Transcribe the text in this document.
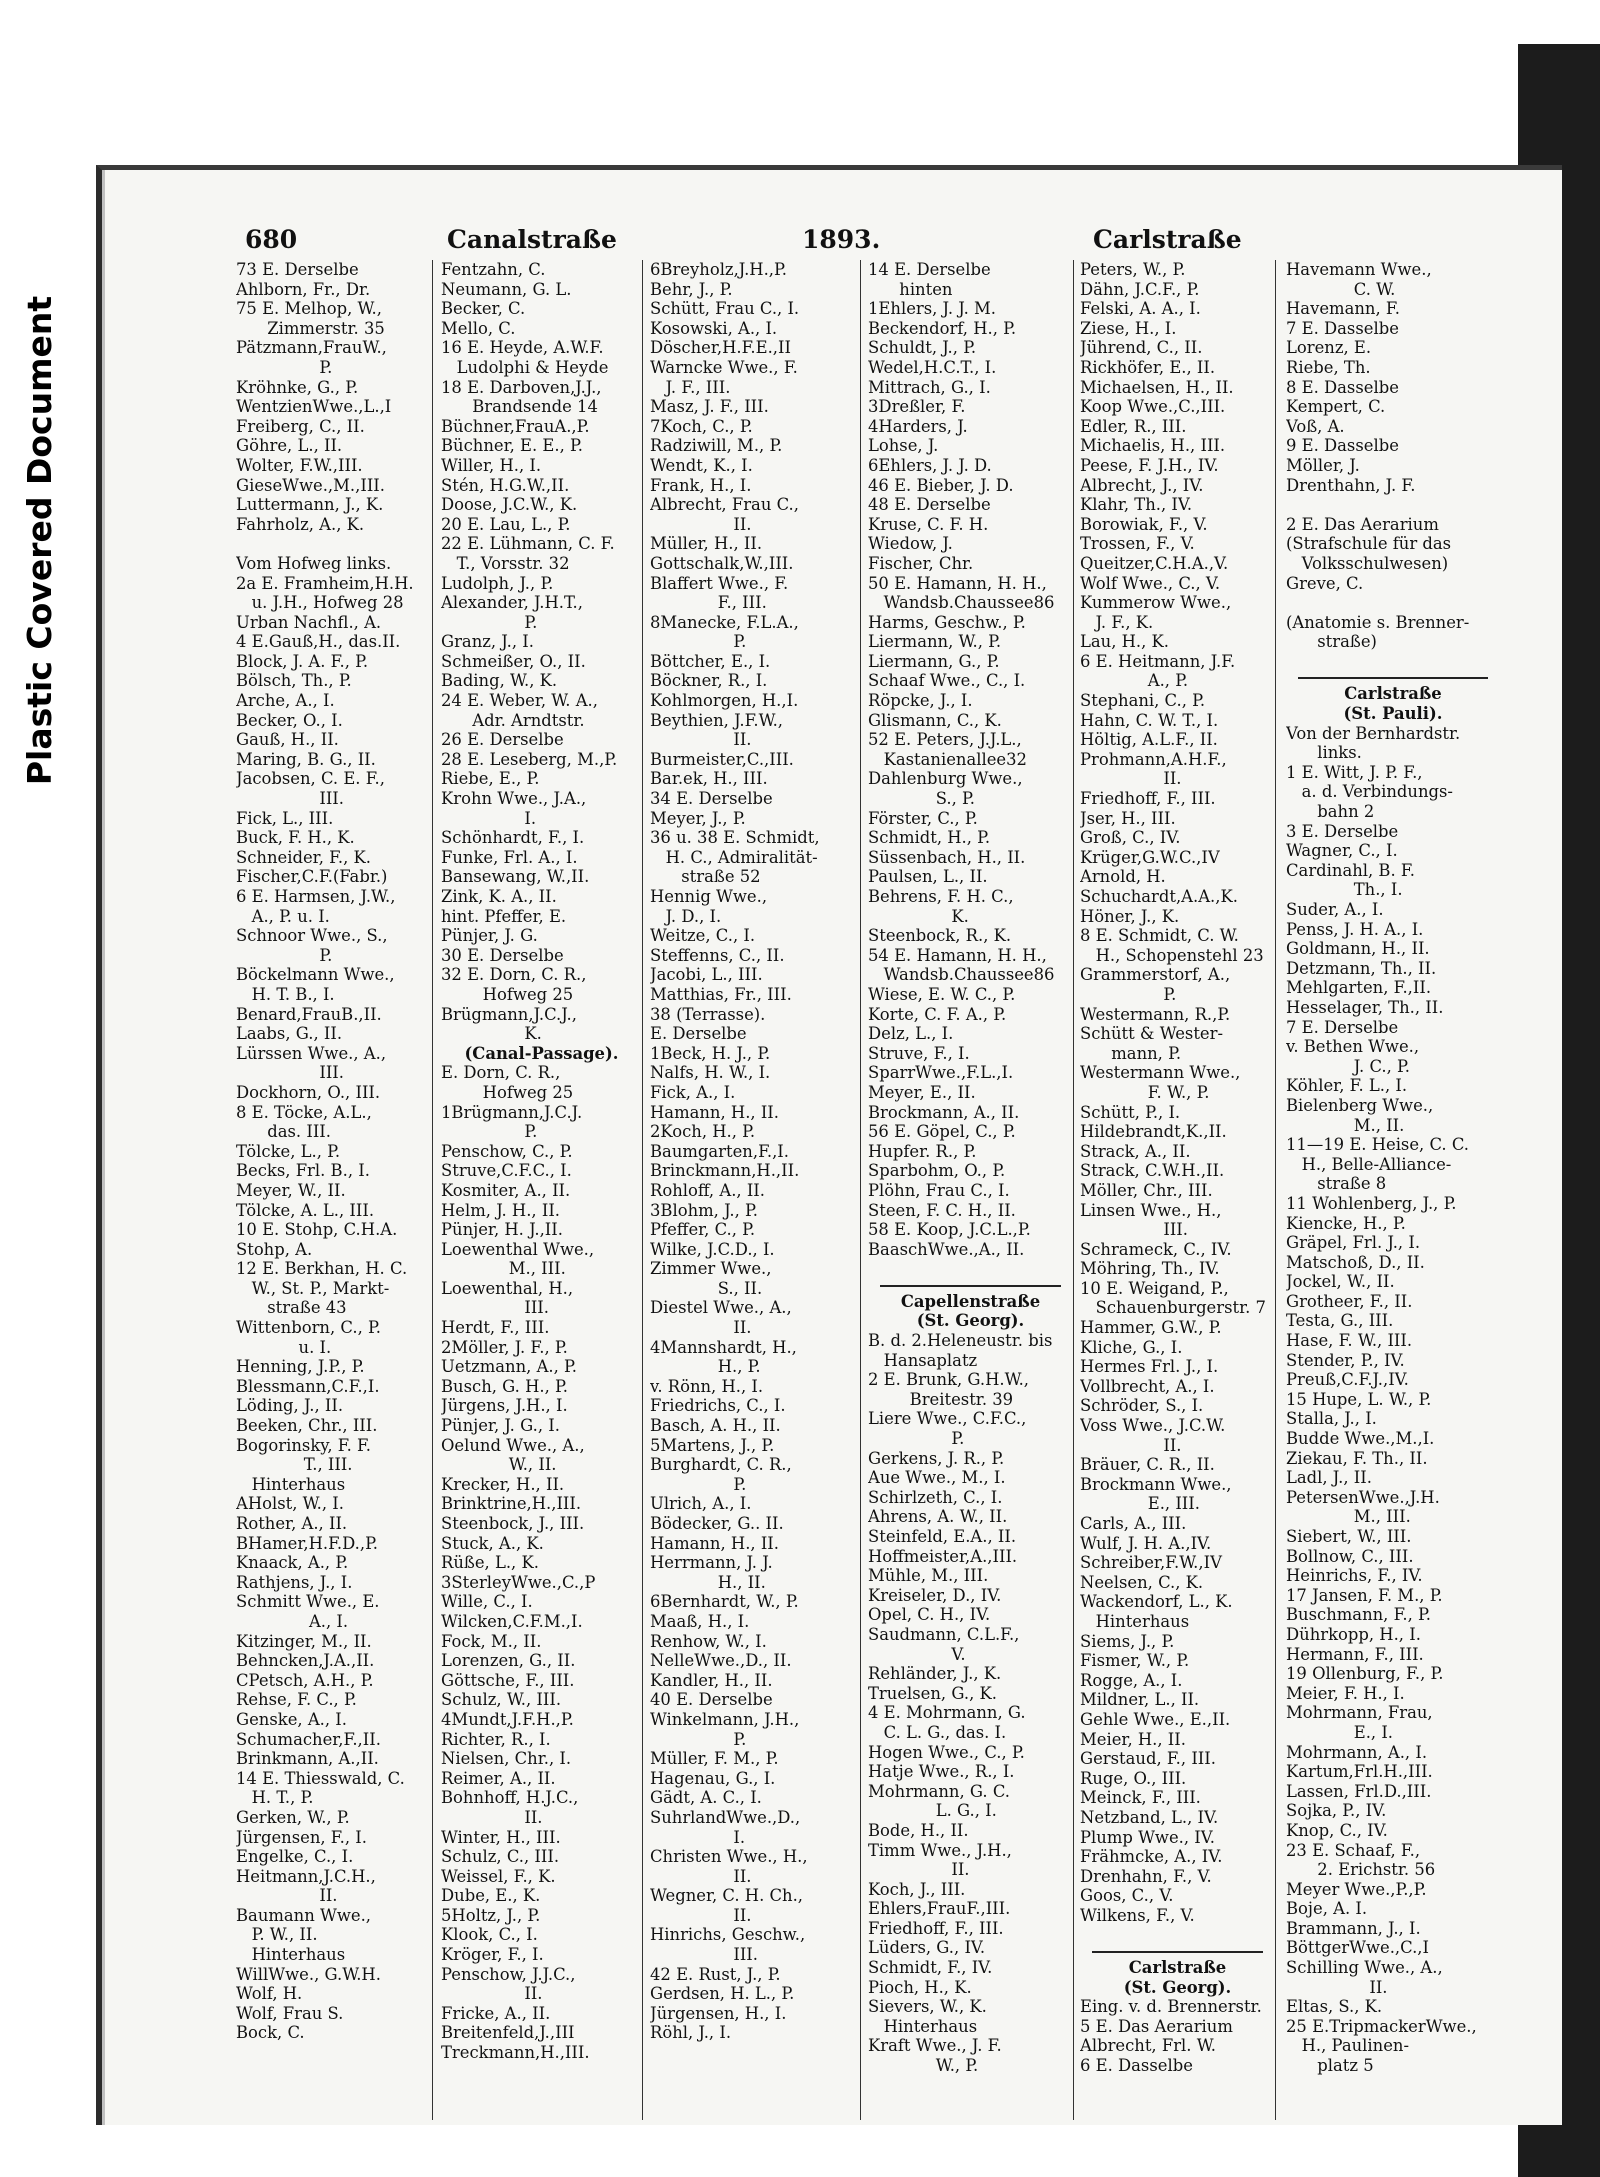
Plastic Covered Document
680	Canalstraße	1893.	Carlstraße
73 E. Derselbe
Ahlborn, Fr., Dr.
75 E. Melhop, W.,
Zimmerstr. 35
Pätzmann,FrauW.,
P.
Kröhnke, G., P.
WentzienWwe.,L.,I
Freiberg, C., II.
Göhre, L., II.
Wolter, F.W.,III.
GieseWwe.,M.,III.
Luttermann, J., K.
Fahrholz, A., K.
Vom Hofweg links.
2a E. Framheim,H.H.
u. J.H., Hofweg 28
Urban Nachfl., A.
4 E.Gauß,H., das.II.
Block, J. A. F., P.
Bölsch, Th., P.
Arche, A., I.
Becker, O., I.
Gauß, H., II.
Maring, B. G., II.
Jacobsen, C. E. F.,
III.
Fick, L., III.
Buck, F. H., K.
Schneider, F., K.
Fischer,C.F.(Fabr.)
6 E. Harmsen, J.W.,
A., P. u. I.
Schnoor Wwe., S.,
P.
Böckelmann Wwe.,
H. T. B., I.
Benard,FrauB.,II.
Laabs, G., II.
Lürssen Wwe., A.,
III.
Dockhorn, O., III.
8 E. Töcke, A.L.,
das. III.
Tölcke, L., P.
Becks, Frl. B., I.
Meyer, W., II.
Tölcke, A. L., III.
10 E. Stohp, C.H.A.
Stohp, A.
12 E. Berkhan, H. C.
W., St. P., Markt-
straße 43
Wittenborn, C., P.
u. I.
Henning, J.P., P.
Blessmann,C.F.,I.
Löding, J., II.
Beeken, Chr., III.
Bogorinsky, F. F.
T., III.
Hinterhaus
AHolst, W., I.
Rother, A., II.
BHamer,H.F.D.,P.
Knaack, A., P.
Rathjens, J., I.
Schmitt Wwe., E.
A., I.
Kitzinger, M., II.
Behncken,J.A.,II.
CPetsch, A.H., P.
Rehse, F. C., P.
Genske, A., I.
Schumacher,F.,II.
Brinkmann, A.,II.
14 E. Thiesswald, C.
H. T., P.
Gerken, W., P.
Jürgensen, F., I.
Engelke, C., I.
Heitmann,J.C.H.,
II.
Baumann Wwe.,
P. W., II.
Hinterhaus
WillWwe., G.W.H.
Wolf, H.
Wolf, Frau S.
Bock, C.
Fentzahn, C.
Neumann, G. L.
Becker, C.
Mello, C.
16 E. Heyde, A.W.F.
Ludolphi & Heyde
18 E. Darboven,J.J.,
Brandsende 14
Büchner,FrauA.,P.
Büchner, E. E., P.
Willer, H., I.
Stén, H.G.W.,II.
Doose, J.C.W., K.
20 E. Lau, L., P.
22 E. Lühmann, C. F.
T., Vorsstr. 32
Ludolph, J., P.
Alexander, J.H.T.,
P.
Granz, J., I.
Schmeißer, O., II.
Bading, W., K.
24 E. Weber, W. A.,
Adr. Arndtstr.
26 E. Derselbe
28 E. Leseberg, M.,P.
Riebe, E., P.
Krohn Wwe., J.A.,
I.
Schönhardt, F., I.
Funke, Frl. A., I.
Bansewang, W.,II.
Zink, K. A., II.
hint. Pfeffer, E.
Pünjer, J. G.
30 E. Derselbe
32 E. Dorn, C. R.,
Hofweg 25
Brügmann,J.C.J.,
K.
(Canal-Passage).
E. Dorn, C. R.,
Hofweg 25
1Brügmann,J.C.J.
P.
Penschow, C., P.
Struve,C.F.C., I.
Kosmiter, A., II.
Helm, J. H., II.
Pünjer, H. J.,II.
Loewenthal Wwe.,
M., III.
Loewenthal, H.,
III.
Herdt, F., III.
2Möller, J. F., P.
Uetzmann, A., P.
Busch, G. H., P.
Jürgens, J.H., I.
Pünjer, J. G., I.
Oelund Wwe., A.,
W., II.
Krecker, H., II.
Brinktrine,H.,III.
Steenbock, J., III.
Stuck, A., K.
Rüße, L., K.
3SterleyWwe.,C.,P
Wille, C., I.
Wilcken,C.F.M.,I.
Fock, M., II.
Lorenzen, G., II.
Göttsche, F., III.
Schulz, W., III.
4Mundt,J.F.H.,P.
Richter, R., I.
Nielsen, Chr., I.
Reimer, A., II.
Bohnhoff, H.J.C.,
II.
Winter, H., III.
Schulz, C., III.
Weissel, F., K.
Dube, E., K.
5Holtz, J., P.
Klook, C., I.
Kröger, F., I.
Penschow, J.J.C.,
II.
Fricke, A., II.
Breitenfeld,J.,III
Treckmann,H.,III.
6Breyholz,J.H.,P.
Behr, J., P.
Schütt, Frau C., I.
Kosowski, A., I.
Döscher,H.F.E.,II
Warncke Wwe., F.
J. F., III.
Masz, J. F., III.
7Koch, C., P.
Radziwill, M., P.
Wendt, K., I.
Frank, H., I.
Albrecht, Frau C.,
II.
Müller, H., II.
Gottschalk,W.,III.
Blaffert Wwe., F.
F., III.
8Manecke, F.L.A.,
P.
Böttcher, E., I.
Böckner, R., I.
Kohlmorgen, H.,I.
Beythien, J.F.W.,
II.
Burmeister,C.,III.
Bar.ek, H., III.
34 E. Derselbe
Meyer, J., P.
36 u. 38 E. Schmidt,
H. C., Admiralität-
straße 52
Hennig Wwe.,
J. D., I.
Weitze, C., I.
Steffenns, C., II.
Jacobi, L., III.
Matthias, Fr., III.
38 (Terrasse).
E. Derselbe
1Beck, H. J., P.
Nalfs, H. W., I.
Fick, A., I.
Hamann, H., II.
2Koch, H., P.
Baumgarten,F.,I.
Brinckmann,H.,II.
Rohloff, A., II.
3Blohm, J., P.
Pfeffer, C., P.
Wilke, J.C.D., I.
Zimmer Wwe.,
S., II.
Diestel Wwe., A.,
II.
4Mannshardt, H.,
H., P.
v. Rönn, H., I.
Friedrichs, C., I.
Basch, A. H., II.
5Martens, J., P.
Burghardt, C. R.,
P.
Ulrich, A., I.
Bödecker, G.. II.
Hamann, H., II.
Herrmann, J. J.
H., II.
6Bernhardt, W., P.
Maaß, H., I.
Renhow, W., I.
NelleWwe.,D., II.
Kandler, H., II.
40 E. Derselbe
Winkelmann, J.H.,
P.
Müller, F. M., P.
Hagenau, G., I.
Gädt, A. C., I.
SuhrlandWwe.,D.,
I.
Christen Wwe., H.,
II.
Wegner, C. H. Ch.,
II.
Hinrichs, Geschw.,
III.
42 E. Rust, J., P.
Gerdsen, H. L., P.
Jürgensen, H., I.
Röhl, J., I.
14 E. Derselbe
hinten
1Ehlers, J. J. M.
Beckendorf, H., P.
Schuldt, J., P.
Wedel,H.C.T., I.
Mittrach, G., I.
3Dreßler, F.
4Harders, J.
Lohse, J.
6Ehlers, J. J. D.
46 E. Bieber, J. D.
48 E. Derselbe
Kruse, C. F. H.
Wiedow, J.
Fischer, Chr.
50 E. Hamann, H. H.,
Wandsb.Chaussee86
Harms, Geschw., P.
Liermann, W., P.
Liermann, G., P.
Schaaf Wwe., C., I.
Röpcke, J., I.
Glismann, C., K.
52 E. Peters, J.J.L.,
Kastanienallee32
Dahlenburg Wwe.,
S., P.
Förster, C., P.
Schmidt, H., P.
Süssenbach, H., II.
Paulsen, L., II.
Behrens, F. H. C.,
K.
Steenbock, R., K.
54 E. Hamann, H. H.,
Wandsb.Chaussee86
Wiese, E. W. C., P.
Korte, C. F. A., P.
Delz, L., I.
Struve, F., I.
SparrWwe.,F.L.,I.
Meyer, E., II.
Brockmann, A., II.
56 E. Göpel, C., P.
Hupfer. R., P.
Sparbohm, O., P.
Plöhn, Frau C., I.
Steen, F. C. H., II.
58 E. Koop, J.C.L.,P.
BaaschWwe.,A., II.
Capellenstraße
(St. Georg).
B. d. 2.Heleneustr. bis
Hansaplatz
2 E. Brunk, G.H.W.,
Breitestr. 39
Liere Wwe., C.F.C.,
P.
Gerkens, J. R., P.
Aue Wwe., M., I.
Schirlzeth, C., I.
Ahrens, A. W., II.
Steinfeld, E.A., II.
Hoffmeister,A.,III.
Mühle, M., III.
Kreiseler, D., IV.
Opel, C. H., IV.
Saudmann, C.L.F.,
V.
Rehländer, J., K.
Truelsen, G., K.
4 E. Mohrmann, G.
C. L. G., das. I.
Hogen Wwe., C., P.
Hatje Wwe., R., I.
Mohrmann, G. C.
L. G., I.
Bode, H., II.
Timm Wwe., J.H.,
II.
Koch, J., III.
Ehlers,FrauF.,III.
Friedhoff, F., III.
Lüders, G., IV.
Schmidt, F., IV.
Pioch, H., K.
Sievers, W., K.
Hinterhaus
Kraft Wwe., J. F.
W., P.
Peters, W., P.
Dähn, J.C.F., P.
Felski, A. A., I.
Ziese, H., I.
Jührend, C., II.
Rickhöfer, E., II.
Michaelsen, H., II.
Koop Wwe.,C.,III.
Edler, R., III.
Michaelis, H., III.
Peese, F. J.H., IV.
Albrecht, J., IV.
Klahr, Th., IV.
Borowiak, F., V.
Trossen, F., V.
Queitzer,C.H.A.,V.
Wolf Wwe., C., V.
Kummerow Wwe.,
J. F., K.
Lau, H., K.
6 E. Heitmann, J.F.
A., P.
Stephani, C., P.
Hahn, C. W. T., I.
Höltig, A.L.F., II.
Prohmann,A.H.F.,
II.
Friedhoff, F., III.
Jser, H., III.
Groß, C., IV.
Krüger,G.W.C.,IV
Arnold, H.
Schuchardt,A.A.,K.
Höner, J., K.
8 E. Schmidt, C. W.
H., Schopenstehl 23
Grammerstorf, A.,
P.
Westermann, R.,P.
Schütt & Wester-
mann, P.
Westermann Wwe.,
F. W., P.
Schütt, P., I.
Hildebrandt,K.,II.
Strack, A., II.
Strack, C.W.H.,II.
Möller, Chr., III.
Linsen Wwe., H.,
III.
Schrameck, C., IV.
Möhring, Th., IV.
10 E. Weigand, P.,
Schauenburgerstr. 7
Hammer, G.W., P.
Kliche, G., I.
Hermes Frl. J., I.
Vollbrecht, A., I.
Schröder, S., I.
Voss Wwe., J.C.W.
II.
Bräuer, C. R., II.
Brockmann Wwe.,
E., III.
Carls, A., III.
Wulf, J. H. A.,IV.
Schreiber,F.W.,IV
Neelsen, C., K.
Wackendorf, L., K.
Hinterhaus
Siems, J., P.
Fismer, W., P.
Rogge, A., I.
Mildner, L., II.
Gehle Wwe., E.,II.
Meier, H., II.
Gerstaud, F., III.
Ruge, O., III.
Meinck, F., III.
Netzband, L., IV.
Plump Wwe., IV.
Frähmcke, A., IV.
Drenhahn, F., V.
Goos, C., V.
Wilkens, F., V.
Carlstraße
(St. Georg).
Eing. v. d. Brennerstr.
5 E. Das Aerarium
Albrecht, Frl. W.
6 E. Dasselbe
Havemann Wwe.,
C. W.
Havemann, F.
7 E. Dasselbe
Lorenz, E.
Riebe, Th.
8 E. Dasselbe
Kempert, C.
Voß, A.
9 E. Dasselbe
Möller, J.
Drenthahn, J. F.
2 E. Das Aerarium
(Strafschule für das
Volksschulwesen)
Greve, C.
(Anatomie s. Brenner-
straße)
Carlstraße
(St. Pauli).
Von der Bernhardstr.
links.
1 E. Witt, J. P. F.,
a. d. Verbindungs-
bahn 2
3 E. Derselbe
Wagner, C., I.
Cardinahl, B. F.
Th., I.
Suder, A., I.
Penss, J. H. A., I.
Goldmann, H., II.
Detzmann, Th., II.
Mehlgarten, F.,II.
Hesselager, Th., II.
7 E. Derselbe
v. Bethen Wwe.,
J. C., P.
Köhler, F. L., I.
Bielenberg Wwe.,
M., II.
11—19 E. Heise, C. C.
H., Belle-Alliance-
straße 8
11 Wohlenberg, J., P.
Kiencke, H., P.
Gräpel, Frl. J., I.
Matschoß, D., II.
Jockel, W., II.
Grotheer, F., II.
Testa, G., III.
Hase, F. W., III.
Stender, P., IV.
Preuß,C.F.J.,IV.
15 Hupe, L. W., P.
Stalla, J., I.
Budde Wwe.,M.,I.
Ziekau, F. Th., II.
Ladl, J., II.
PetersenWwe.,J.H.
M., III.
Siebert, W., III.
Bollnow, C., III.
Heinrichs, F., IV.
17 Jansen, F. M., P.
Buschmann, F., P.
Dührkopp, H., I.
Hermann, F., III.
19 Ollenburg, F., P.
Meier, F. H., I.
Mohrmann, Frau,
E., I.
Mohrmann, A., I.
Kartum,Frl.H.,III.
Lassen, Frl.D.,III.
Sojka, P., IV.
Knop, C., IV.
23 E. Schaaf, F.,
2. Erichstr. 56
Meyer Wwe.,P.,P.
Boje, A. I.
Brammann, J., I.
BöttgerWwe.,C.,I
Schilling Wwe., A.,
II.
Eltas, S., K.
25 E.TripmackerWwe.,
H., Paulinen-
platz 5
